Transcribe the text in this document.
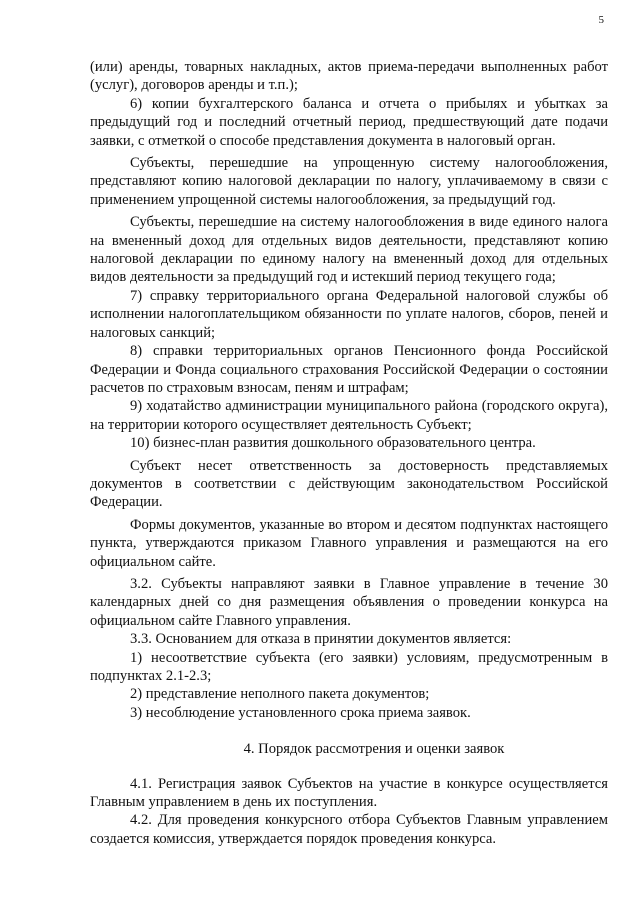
5

(или) аренды, товарных накладных, актов приема-передачи выполненных работ (услуг), договоров аренды и т.п.);

6) копии бухгалтерского баланса и отчета о прибылях и убытках за предыдущий год и последний отчетный период, предшествующий дате подачи заявки, с отметкой о способе представления документа в налоговый орган.

Субъекты, перешедшие на упрощенную систему налогообложения, представляют копию налоговой декларации по налогу, уплачиваемому в связи с применением упрощенной системы налогообложения, за предыдущий год.

Субъекты, перешедшие на систему налогообложения в виде единого налога на вмененный доход для отдельных видов деятельности, представляют копию налоговой декларации по единому налогу на вмененный доход для отдельных видов деятельности за предыдущий год и истекший период текущего года;

7) справку территориального органа Федеральной налоговой службы об исполнении налогоплательщиком обязанности по уплате налогов, сборов, пеней и налоговых санкций;

8) справки территориальных органов Пенсионного фонда Российской Федерации и Фонда социального страхования Российской Федерации о состоянии расчетов по страховым взносам, пеням и штрафам;

9) ходатайство администрации муниципального района (городского округа), на территории которого осуществляет деятельность Субъект;

10) бизнес-план развития дошкольного образовательного центра.

Субъект несет ответственность за достоверность представляемых документов в соответствии с действующим законодательством Российской Федерации.

Формы документов, указанные во втором и десятом подпунктах настоящего пункта, утверждаются приказом Главного управления и размещаются на его официальном сайте.

3.2. Субъекты направляют заявки в Главное управление в течение 30 календарных дней со дня размещения объявления о проведении конкурса на официальном сайте Главного управления.

3.3. Основанием для отказа в принятии документов является:

1) несоответствие субъекта (его заявки) условиям, предусмотренным в подпунктах 2.1-2.3;

2) представление неполного пакета документов;

3) несоблюдение установленного срока приема заявок.

4. Порядок рассмотрения и оценки заявок

4.1. Регистрация заявок Субъектов на участие в конкурсе осуществляется Главным управлением в день их поступления.

4.2. Для проведения конкурсного отбора Субъектов Главным управлением создается комиссия, утверждается порядок проведения конкурса.
